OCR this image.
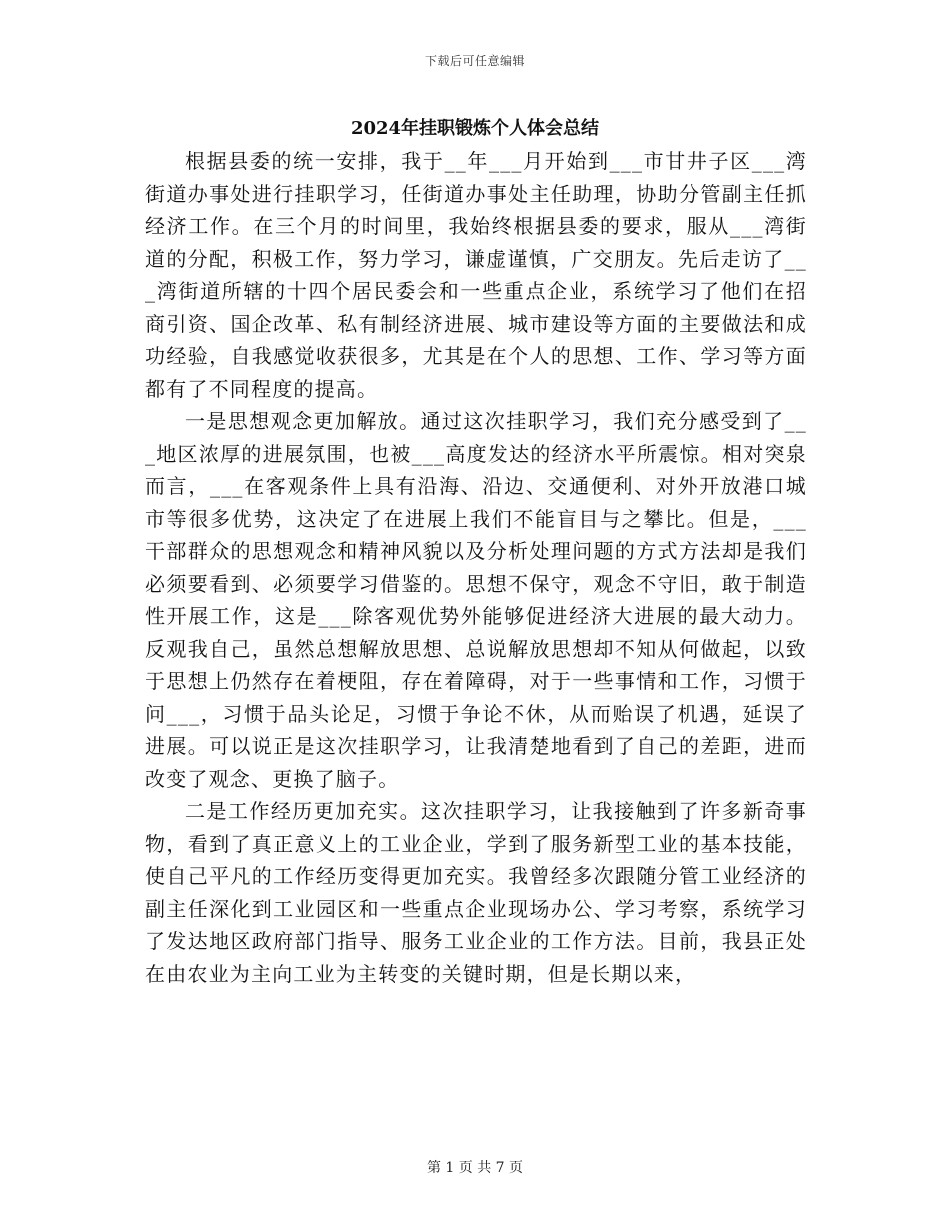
下载后可任意编辑
2024年挂职锻炼个人体会总结

根据县委的统一安排，我于__年___月开始到___市甘井子区___湾街道办事处进行挂职学习，任街道办事处主任助理，协助分管副主任抓经济工作。在三个月的时间里，我始终根据县委的要求，服从___湾街道的分配，积极工作，努力学习，谦虚谨慎，广交朋友。先后走访了___湾街道所辖的十四个居民委会和一些重点企业，系统学习了他们在招商引资、国企改革、私有制经济进展、城市建设等方面的主要做法和成功经验，自我感觉收获很多，尤其是在个人的思想、工作、学习等方面都有了不同程度的提高。

一是思想观念更加解放。通过这次挂职学习，我们充分感受到了___地区浓厚的进展氛围，也被___高度发达的经济水平所震惊。相对突泉而言，___在客观条件上具有沿海、沿边、交通便利、对外开放港口城市等很多优势，这决定了在进展上我们不能盲目与之攀比。但是，___干部群众的思想观念和精神风貌以及分析处理问题的方式方法却是我们必须要看到、必须要学习借鉴的。思想不保守，观念不守旧，敢于制造性开展工作，这是___除客观优势外能够促进经济大进展的最大动力。反观我自己，虽然总想解放思想、总说解放思想却不知从何做起，以致于思想上仍然存在着梗阻，存在着障碍，对于一些事情和工作，习惯于问___，习惯于品头论足，习惯于争论不休，从而贻误了机遇，延误了进展。可以说正是这次挂职学习，让我清楚地看到了自己的差距，进而改变了观念、更换了脑子。

二是工作经历更加充实。这次挂职学习，让我接触到了许多新奇事物，看到了真正意义上的工业企业，学到了服务新型工业的基本技能，使自己平凡的工作经历变得更加充实。我曾经多次跟随分管工业经济的副主任深化到工业园区和一些重点企业现场办公、学习考察，系统学习了发达地区政府部门指导、服务工业企业的工作方法。目前，我县正处在由农业为主向工业为主转变的关键时期，但是长期以来，

第 1 页 共 7 页
